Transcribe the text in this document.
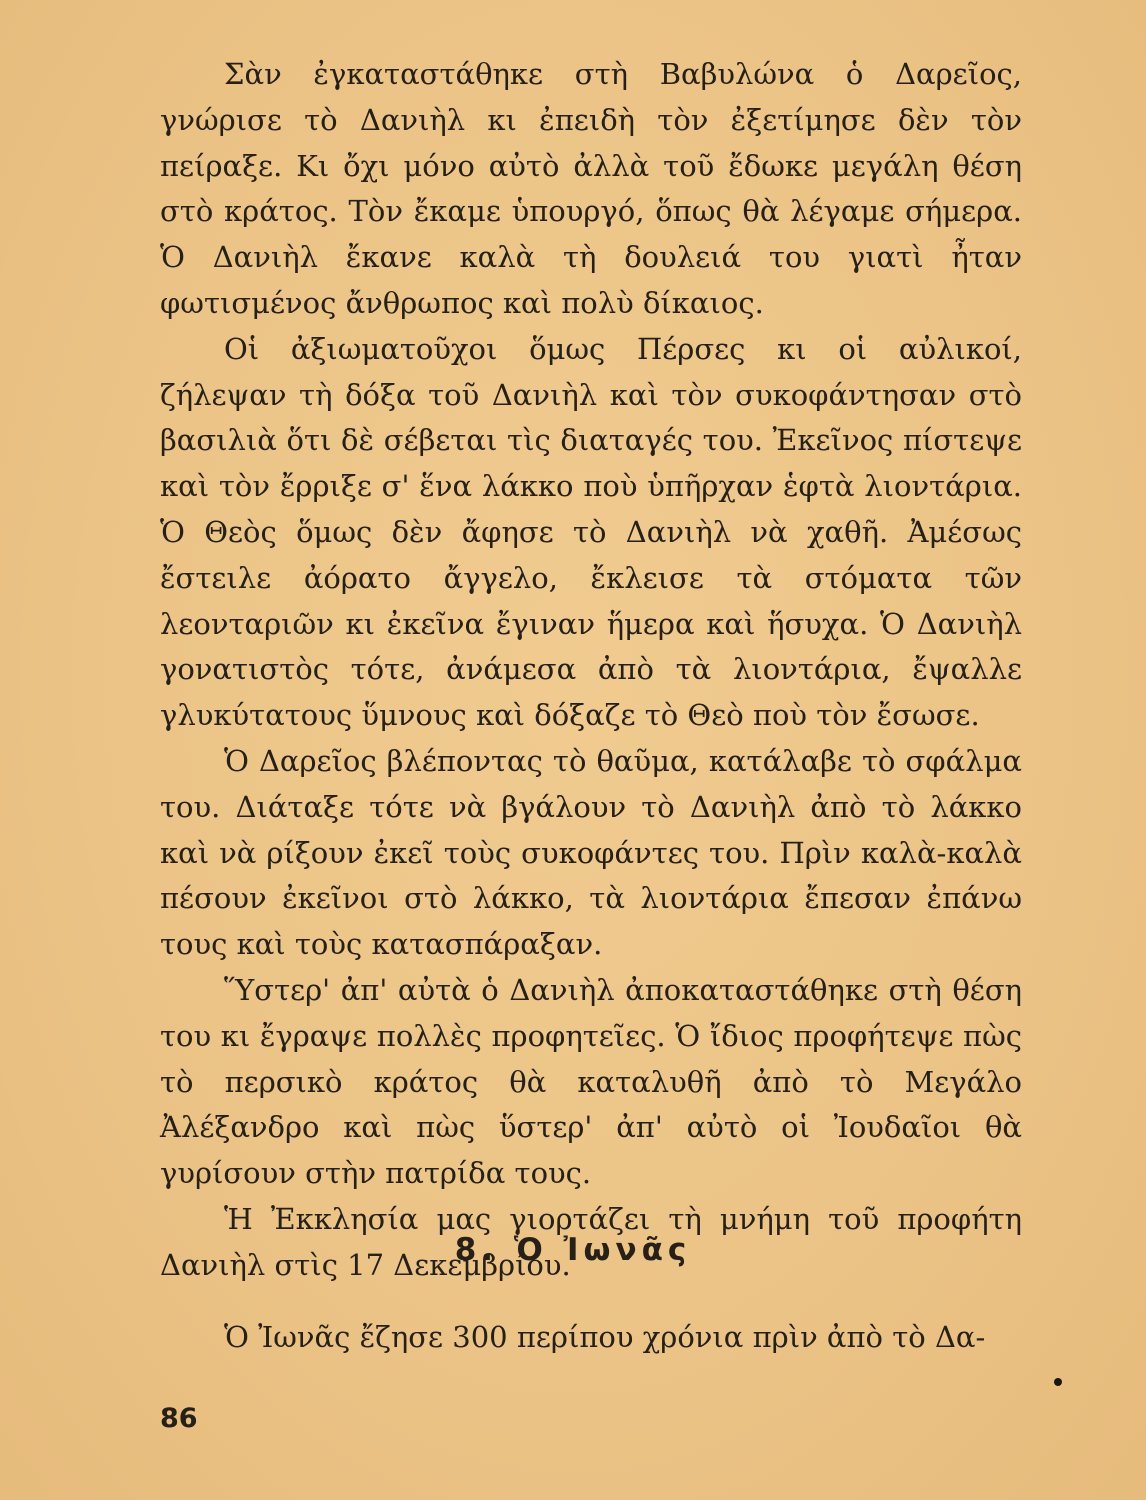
Σὰν ἐγκαταστάθηκε στὴ Βαβυλώνα ὁ Δαρεῖος, γνώρισε τὸ Δανιὴλ κι ἐπειδὴ τὸν ἐξετίμησε δὲν τὸν πείραξε. Κι ὄχι μόνο αὐτὸ ἀλλὰ τοῦ ἔδωκε μεγάλη θέση στὸ κράτος. Τὸν ἔκαμε ὑπουργό, ὅπως θὰ λέγαμε σήμερα. Ὁ Δανιὴλ ἔκανε καλὰ τὴ δουλειά του γιατὶ ἦταν φωτισμένος ἄνθρωπος καὶ πολὺ δίκαιος.

Οἱ ἀξιωματοῦχοι ὅμως Πέρσες κι οἱ αὐλικοί, ζήλεψαν τὴ δόξα τοῦ Δανιὴλ καὶ τὸν συκοφάντησαν στὸ βασιλιὰ ὅτι δὲ σέβεται τὶς διαταγές του. Ἐκεῖνος πίστεψε καὶ τὸν ἔρριξε σ' ἕνα λάκκο ποὺ ὑπῆρχαν ἑφτὰ λιοντάρια. Ὁ Θεὸς ὅμως δὲν ἄφησε τὸ Δανιὴλ νὰ χαθῆ. Ἀμέσως ἔστειλε ἀόρατο ἄγγελο, ἔκλεισε τὰ στόματα τῶν λεονταριῶν κι ἐκεῖνα ἔγιναν ἥμερα καὶ ἥσυχα. Ὁ Δανιὴλ γονατιστὸς τότε, ἀνάμεσα ἀπὸ τὰ λιοντάρια, ἔψαλλε γλυκύτατους ὕμνους καὶ δόξαζε τὸ Θεὸ ποὺ τὸν ἔσωσε.

Ὁ Δαρεῖος βλέποντας τὸ θαῦμα, κατάλαβε τὸ σφάλμα του. Διάταξε τότε νὰ βγάλουν τὸ Δανιὴλ ἀπὸ τὸ λάκκο καὶ νὰ ρίξουν ἐκεῖ τοὺς συκοφάντες του. Πρὶν καλὰ-καλὰ πέσουν ἐκεῖνοι στὸ λάκκο, τὰ λιοντάρια ἔπεσαν ἐπάνω τους καὶ τοὺς κατασπάραξαν.

Ὕστερ' ἀπ' αὐτὰ ὁ Δανιὴλ ἀποκαταστάθηκε στὴ θέση του κι ἔγραψε πολλὲς προφητεῖες. Ὁ ἴδιος προφήτεψε πὼς τὸ περσικὸ κράτος θὰ καταλυθῆ ἀπὸ τὸ Μεγάλο Ἀλέξανδρο καὶ πὼς ὕστερ' ἀπ' αὐτὸ οἱ Ἰουδαῖοι θὰ γυρίσουν στὴν πατρίδα τους.

Ἡ Ἐκκλησία μας γιορτάζει τὴ μνήμη τοῦ προφήτη Δανιὴλ στὶς 17 Δεκεμβρίου.

8. Ὁ Ἰωνᾶς

Ὁ Ἰωνᾶς ἔζησε 300 περίπου χρόνια πρὶν ἀπὸ τὸ Δα-

86
